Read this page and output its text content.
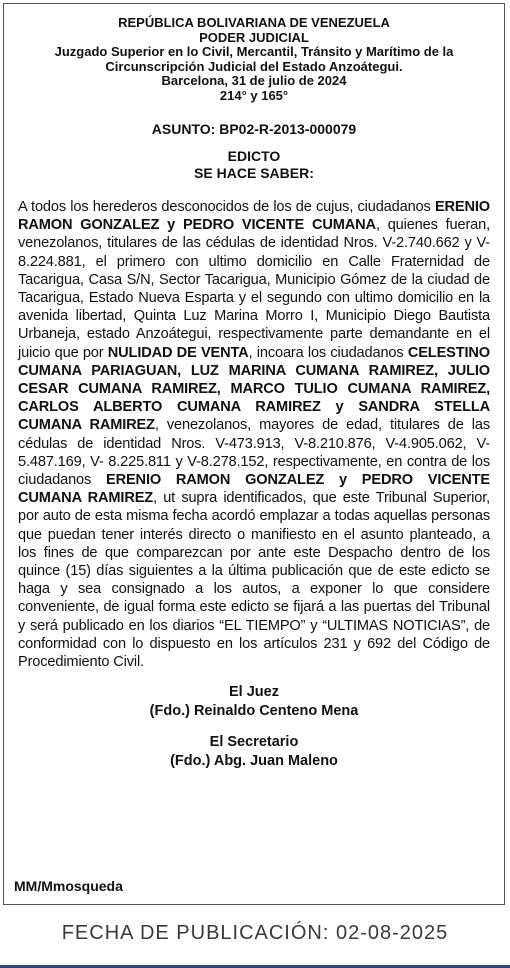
REPÚBLICA BOLIVARIANA DE VENEZUELA
PODER JUDICIAL
Juzgado Superior en lo Civil, Mercantil, Tránsito y Marítimo de la
Circunscripción Judicial del Estado Anzoátegui.
Barcelona, 31 de julio de 2024
214° y 165°
ASUNTO: BP02-R-2013-000079
EDICTO
SE HACE SABER:
A todos los herederos desconocidos de los de cujus, ciudadanos ERENIO RAMON GONZALEZ y PEDRO VICENTE CUMANA, quienes fueran, venezolanos, titulares de las cédulas de identidad Nros. V-2.740.662 y V-8.224.881, el primero con ultimo domicilio en Calle Fraternidad de Tacarigua, Casa S/N, Sector Tacarigua, Municipio Gómez de la ciudad de Tacarigua, Estado Nueva Esparta y el segundo con ultimo domicilio en la avenida libertad, Quinta Luz Marina Morro I, Municipio Diego Bautista Urbaneja, estado Anzoátegui, respectivamente parte demandante en el juicio que por NULIDAD DE VENTA, incoara los ciudadanos CELESTINO CUMANA PARIAGUAN, LUZ MARINA CUMANA RAMIREZ, JULIO CESAR CUMANA RAMIREZ, MARCO TULIO CUMANA RAMIREZ, CARLOS ALBERTO CUMANA RAMIREZ y SANDRA STELLA CUMANA RAMIREZ, venezolanos, mayores de edad, titulares de las cédulas de identidad Nros. V-473.913, V-8.210.876, V-4.905.062, V-5.487.169, V- 8.225.811 y V-8.278.152, respectivamente, en contra de los ciudadanos ERENIO RAMON GONZALEZ y PEDRO VICENTE CUMANA RAMIREZ, ut supra identificados, que este Tribunal Superior, por auto de esta misma fecha acordó emplazar a todas aquellas personas que puedan tener interés directo o manifiesto en el asunto planteado, a los fines de que comparezcan por ante este Despacho dentro de los quince (15) días siguientes a la última publicación que de este edicto se haga y sea consignado a los autos, a exponer lo que considere conveniente, de igual forma este edicto se fijará a las puertas del Tribunal y será publicado en los diarios “EL TIEMPO” y “ULTIMAS NOTICIAS”, de conformidad con lo dispuesto en los artículos 231 y 692 del Código de Procedimiento Civil.
El Juez
(Fdo.) Reinaldo Centeno Mena
El Secretario
(Fdo.) Abg. Juan Maleno
MM/Mmosqueda
FECHA DE PUBLICACIÓN: 02-08-2025
